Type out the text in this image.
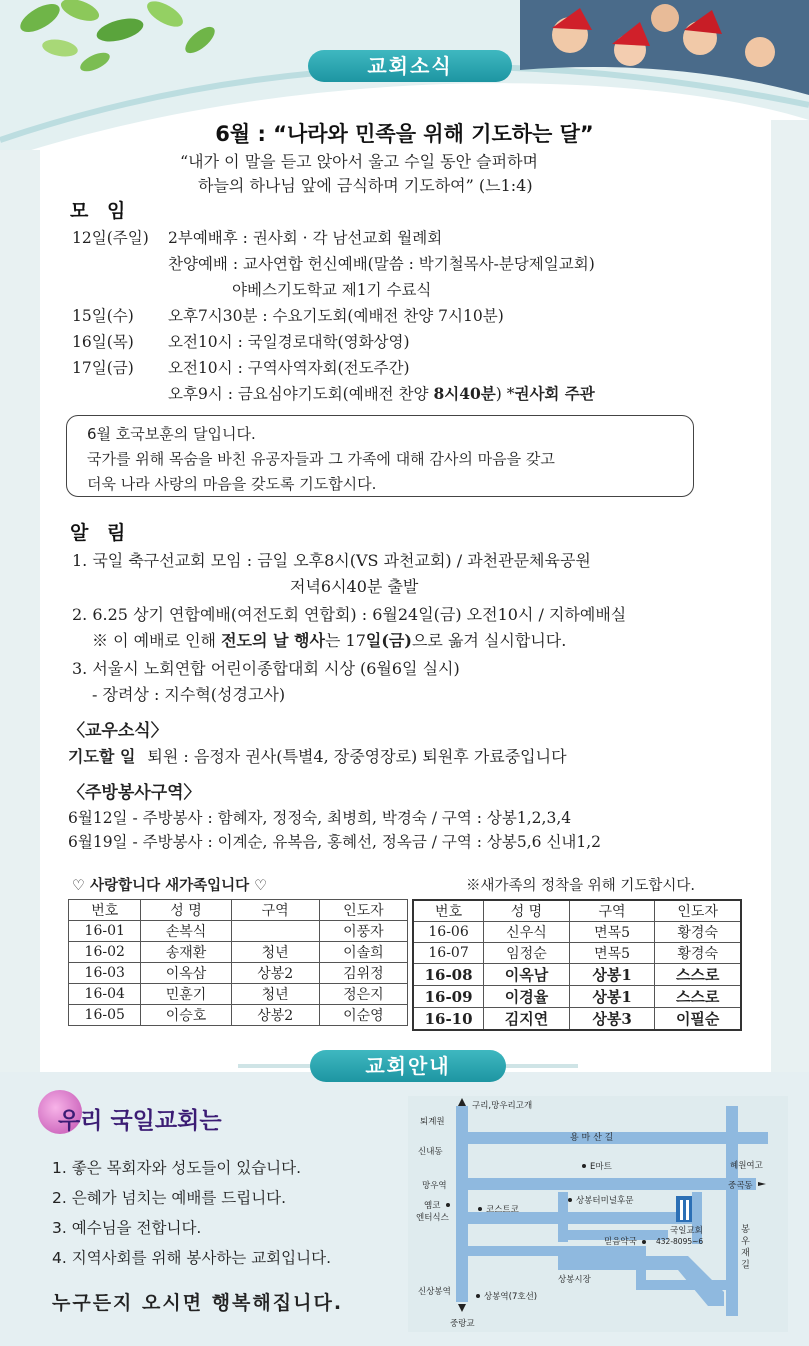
교회소식
6월 : “나라와 민족을 위해 기도하는 달”
“내가 이 말을 듣고 앉아서 울고 수일 동안 슬퍼하며
하늘의 하나님 앞에 금식하며 기도하여” (느1:4)
모 임
12일(주일) 2부예배후 : 권사회 · 각 남선교회 월례회
찬양예배 : 교사연합 헌신예배(말씀 : 박기철목사-분당제일교회)
야베스기도학교 제1기 수료식
15일(수) 오후7시30분 : 수요기도회(예배전 찬양 7시10분)
16일(목) 오전10시 : 국일경로대학(영화상영)
17일(금) 오전10시 : 구역사역자회(전도주간)
오후9시 : 금요심야기도회(예배전 찬양 8시40분) *권사회 주관
6월 호국보훈의 달입니다.
국가를 위해 목숨을 바친 유공자들과 그 가족에 대해 감사의 마음을 갖고
더욱 나라 사랑의 마음을 갖도록 기도합시다.
알 림
1. 국일 축구선교회 모임 : 금일 오후8시(VS 과천교회) / 과천관문체육공원
저녁6시40분 출발
2. 6.25 상기 연합예배(여전도회 연합회) : 6월24일(금) 오전10시 / 지하예배실
※ 이 예배로 인해 전도의 날 행사는 17일(금)으로 옮겨 실시합니다.
3. 서울시 노회연합 어린이종합대회 시상 (6월6일 실시)
- 장려상 : 지수혁(성경고사)
〈교우소식〉
기도할 일 퇴원 : 음정자 권사(특별4, 장중영장로) 퇴원후 가료중입니다
〈주방봉사구역〉
6월12일 - 주방봉사 : 함혜자, 정정숙, 최병희, 박경숙 / 구역 : 상봉1,2,3,4
6월19일 - 주방봉사 : 이계순, 유복음, 홍혜선, 정옥금 / 구역 : 상봉5,6 신내1,2
♡ 사랑합니다 새가족입니다 ♡	※새가족의 정착을 위해 기도합시다.
번호	성 명	구역	인도자
16-01	손복식		이풍자
16-02	송재환	청년	이솔희
16-03	이옥삼	상봉2	김위정
16-04	민훈기	청년	정은지
16-05	이승호	상봉2	이순영
번호	성 명	구역	인도자
16-06	신우식	면목5	황경숙
16-07	임정순	면목5	황경숙
16-08	이옥남	상봉1	스스로
16-09	이경율	상봉1	스스로
16-10	김지연	상봉3	이필순
교회안내
우리 국일교회는
1. 좋은 목회자와 성도들이 있습니다.
2. 은혜가 넘치는 예배를 드립니다.
3. 예수님을 전합니다.
4. 지역사회를 위해 봉사하는 교회입니다.
누구든지 오시면 행복해집니다.
구리,망우리고개
퇴계원
용 마 산 길
신내동
E마트	혜원여고
망우역	중곡동
옘코
엔터식스
코스트코
상봉터미널후문
국일교회
432-8095~6
믿음약국	봉 우 재 길
상봉시장
신상봉역	상봉역(7호선)
중랑교
